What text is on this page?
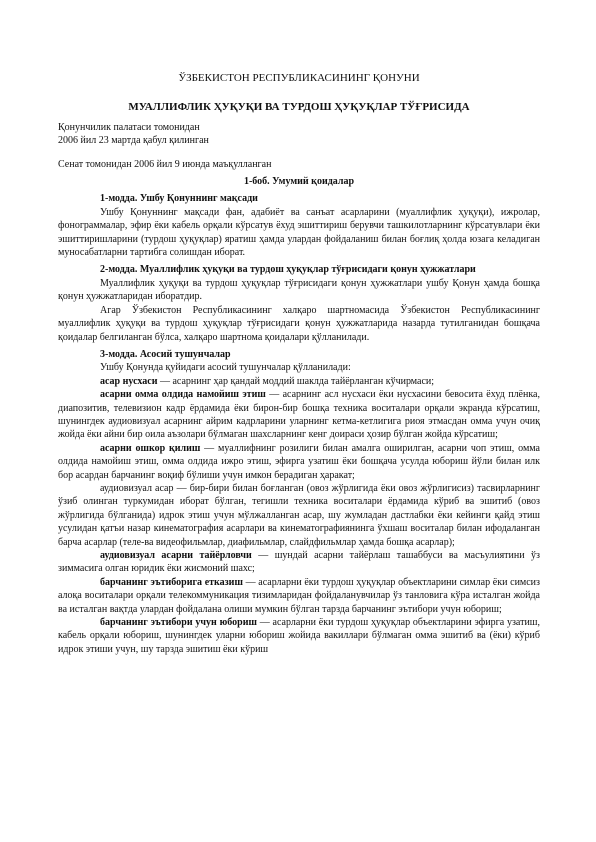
ЎЗБЕКИСТОН РЕСПУБЛИКАСИНИНГ ҚОНУНИ
МУАЛЛИФЛИК ҲУҚУҚИ ВА ТУРДОШ ҲУҚУҚЛАР ТЎҒРИСИДА
Қонунчилик палатаси томонидан
2006 йил 23 мартда қабул қилинган
Сенат томонидан 2006 йил 9 июнда маъқулланган
1-боб. Умумий қоидалар
1-модда. Ушбу Қонуннинг мақсади

Ушбу Қонуннинг мақсади фан, адабиёт ва санъат асарларини (муаллифлик ҳуқуқи), ижролар, фонограммалар, эфир ёки кабель орқали кўрсатув ёхуд эшиттириш берувчи ташкилотларнинг кўрсатувлари ёки эшиттиришларини (турдош ҳуқуқлар) яратиш ҳамда улардан фойдаланиш билан боғлиқ ҳолда юзага келадиган муносабатларни тартибга солишдан иборат.

2-модда. Муаллифлик ҳуқуқи ва турдош ҳуқуқлар тўғрисидаги қонун ҳужжатлари

Муаллифлик ҳуқуқи ва турдош ҳуқуқлар тўғрисидаги қонун ҳужжатлари ушбу Қонун ҳамда бошқа қонун ҳужжатларидан иборатдир.

Агар Ўзбекистон Республикасининг халқаро шартномасида Ўзбекистон Республикасининг муаллифлик ҳуқуқи ва турдош ҳуқуқлар тўғрисидаги қонун ҳужжатларида назарда тутилганидан бошқача қоидалар белгиланган бўлса, халқаро шартнома қоидалари қўлланилади.

3-модда. Асосий тушунчалар

Ушбу Қонунда қуйидаги асосий тушунчалар қўлланилади:

асар нусхаси — асарнинг ҳар қандай моддий шаклда тайёрланган кўчирмаси;

асарни омма олдида намойиш этиш — асарнинг асл нусхаси ёки нусхасини бевосита ёхуд плёнка, диапозитив, телевизион кадр ёрдамида ёки бирон-бир бошқа техника воситалари орқали экранда кўрсатиш, шунингдек аудиовизуал асарнинг айрим кадрларини уларнинг кетма-кетлигига риоя этмасдан омма учун очиқ жойда ёки айни бир оила аъзолари бўлмаган шахсларнинг кенг доираси ҳозир бўлган жойда кўрсатиш;

асарни ошкор қилиш — муаллифнинг розилиги билан амалга оширилган, асарни чоп этиш, омма олдида намойиш этиш, омма олдида ижро этиш, эфирга узатиш ёки бошқача усулда юбориш йўли билан илк бор асардан барчанинг воқиф бўлиши учун имкон берадиган ҳаракат;

аудиовизуал асар — бир-бири билан боғланган (овоз жўрлигида ёки овоз жўрлигисиз) тасвирларнинг ўзиб олинган туркумидан иборат бўлган, тегишли техника воситалари ёрдамида кўриб ва эшитиб (овоз жўрлигида бўлганида) идрок этиш учун мўлжалланган асар, шу жумладан дастлабки ёки кейинги қайд этиш усулидан қатъи назар кинематография асарлари ва кинематографиянинга ўхшаш воситалар билан ифодаланган барча асарлар (теле-ва видеофильмлар, диафильмлар, слайдфильмлар ҳамда бошқа асарлар);

аудиовизуал асарни тайёрловчи — шундай асарни тайёрлаш ташаббуси ва масъулиятини ўз зиммасига олган юридик ёки жисмоний шахс;

барчанинг эътиборига етказиш — асарларни ёки турдош ҳуқуқлар объектларини симлар ёки симсиз алоқа воситалари орқали телекоммуникация тизимларидан фойдаланувчилар ўз танловига кўра исталган жойда ва исталган вақтда улардан фойдалана олиши мумкин бўлган тарзда барчанинг эътибори учун юбориш;

барчанинг эътибори учун юбориш — асарларни ёки турдош ҳуқуқлар объектларини эфирга узатиш, кабель орқали юбориш, шунингдек уларни юбориш жойида вакиллари бўлмаган омма эшитиб ва (ёки) кўриб идрок этиши учун, шу тарзда эшитиш ёки кўриш
